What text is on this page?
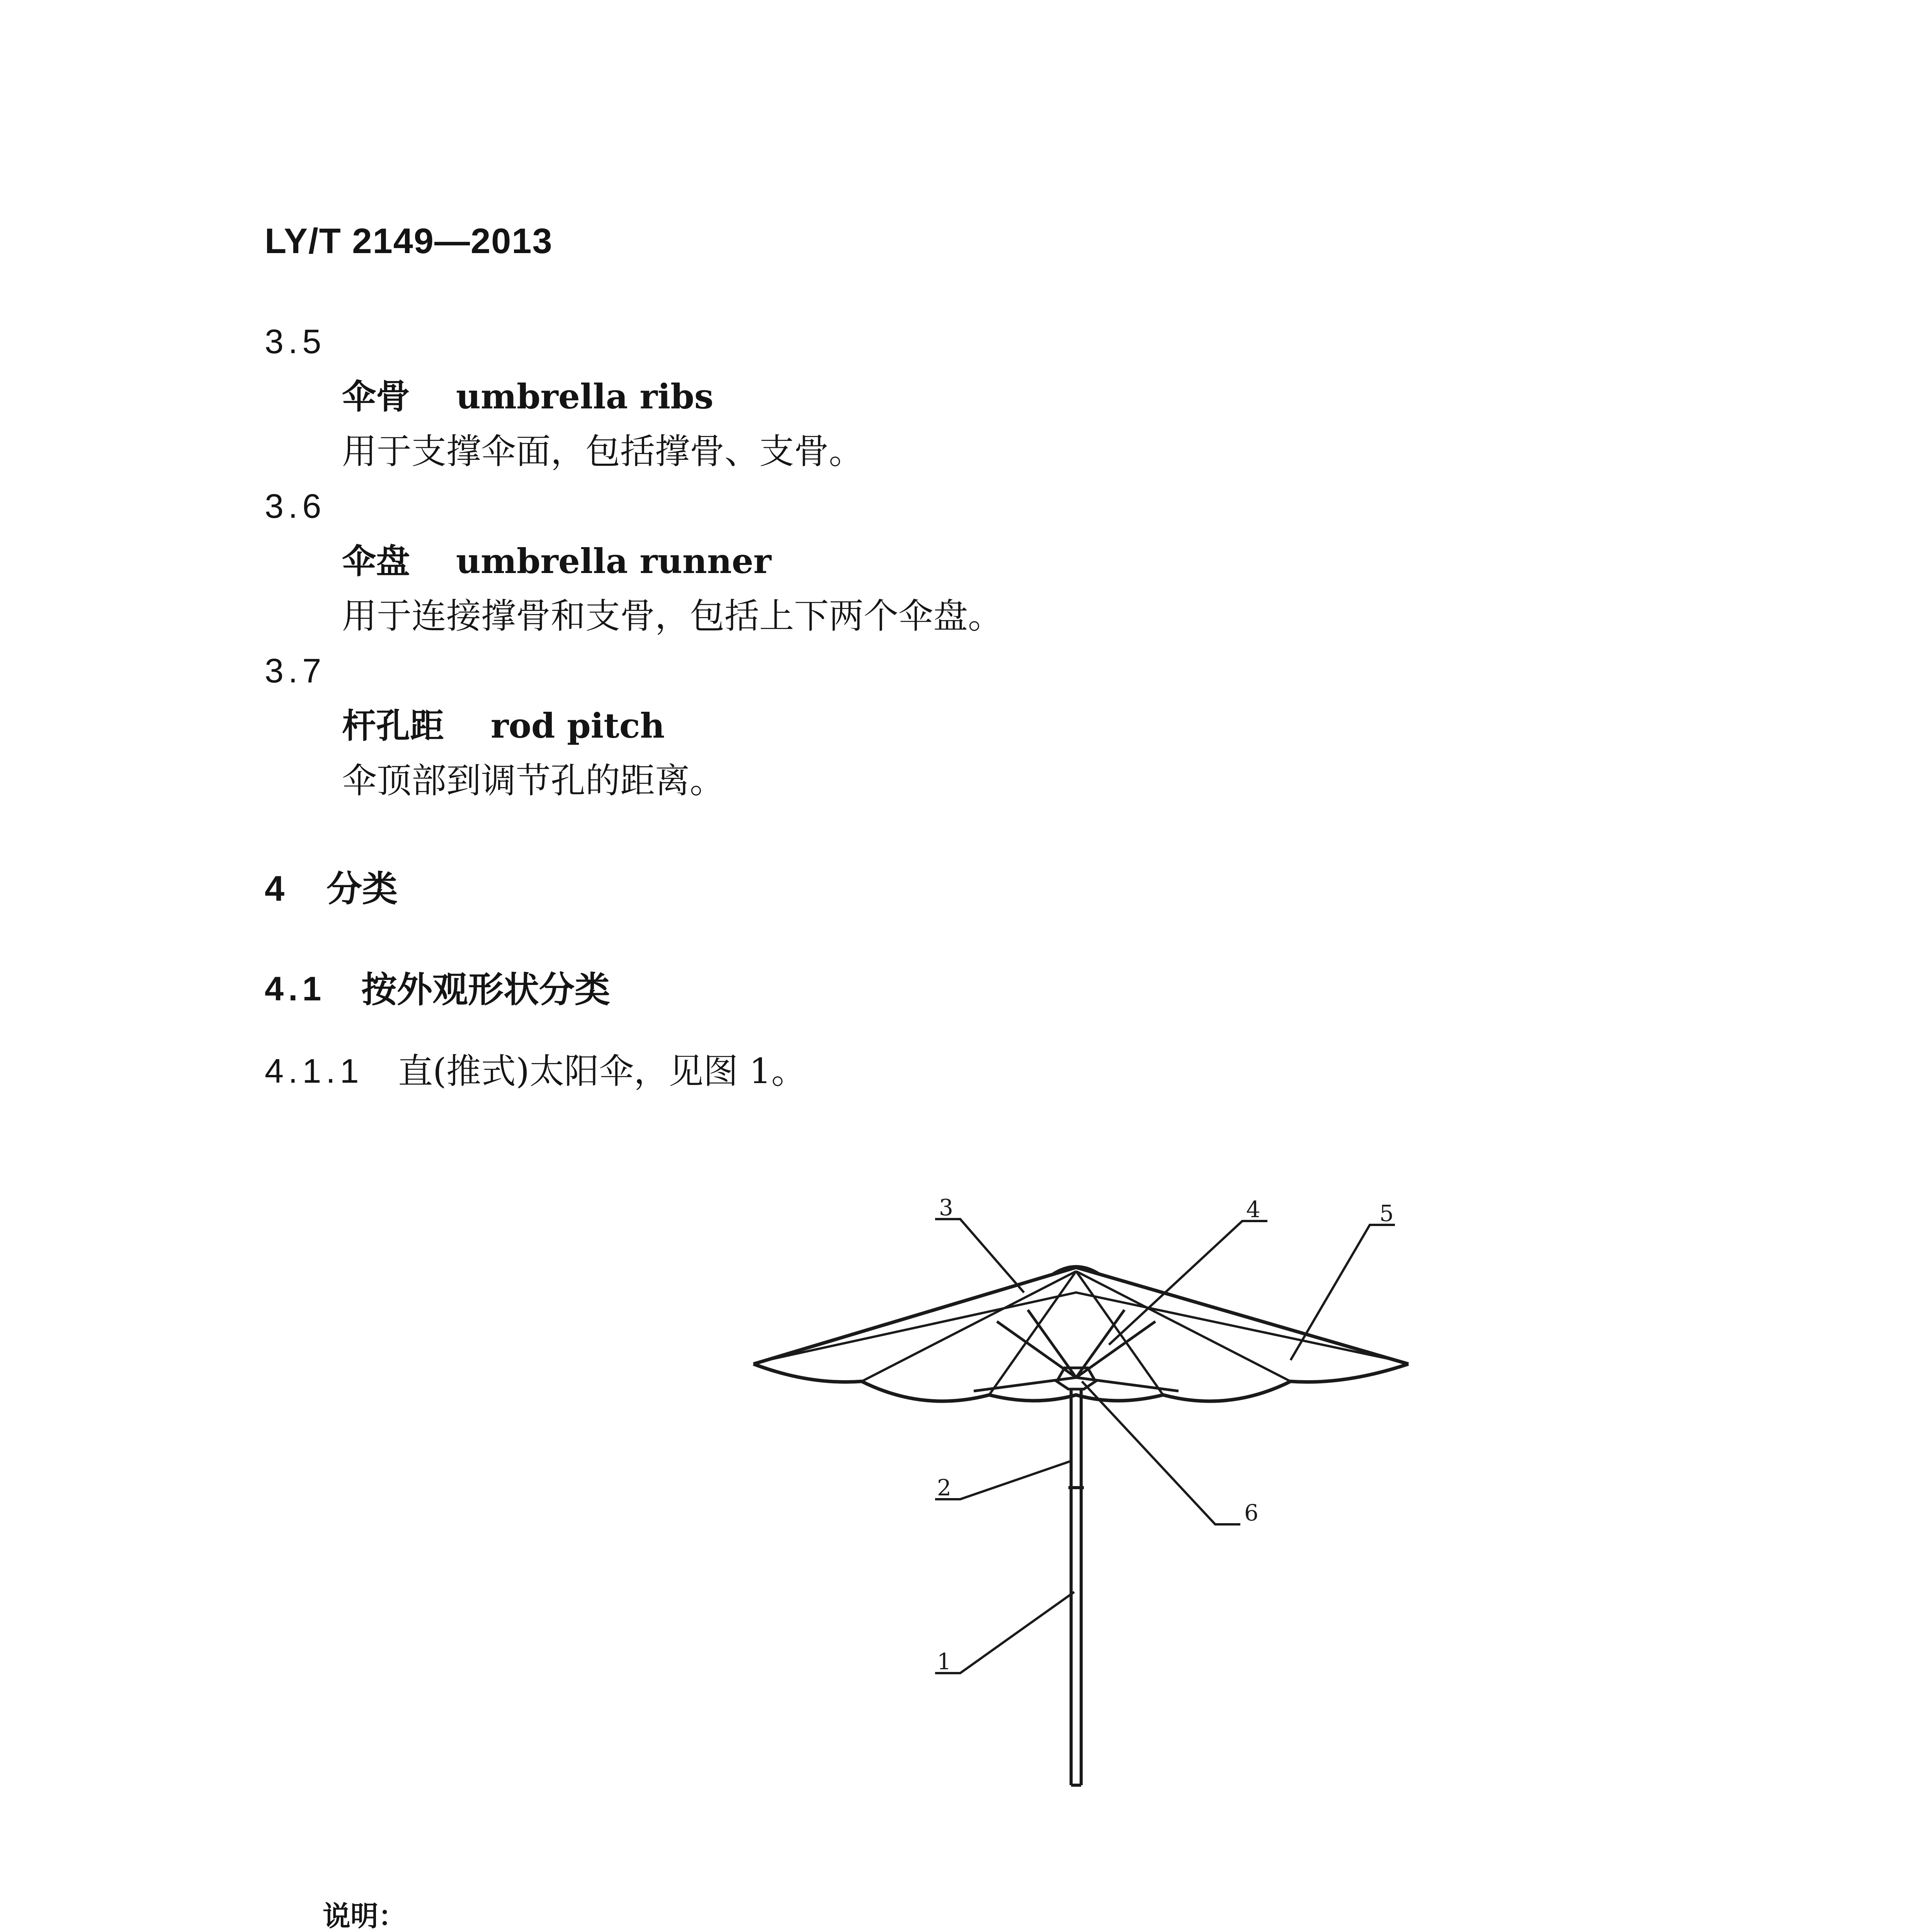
LY/T 2149—2013
3.5
伞骨 umbrella ribs
用于支撑伞面，包括撑骨、支骨。
3.6
伞盘 umbrella runner
用于连接撑骨和支骨，包括上下两个伞盘。
3.7
杆孔距 rod pitch
伞顶部到调节孔的距离。
4 分类
4.1 按外观形状分类
4.1.1 直(推式)太阳伞，见图 1。
3	4	5
2
6
1
说明：
